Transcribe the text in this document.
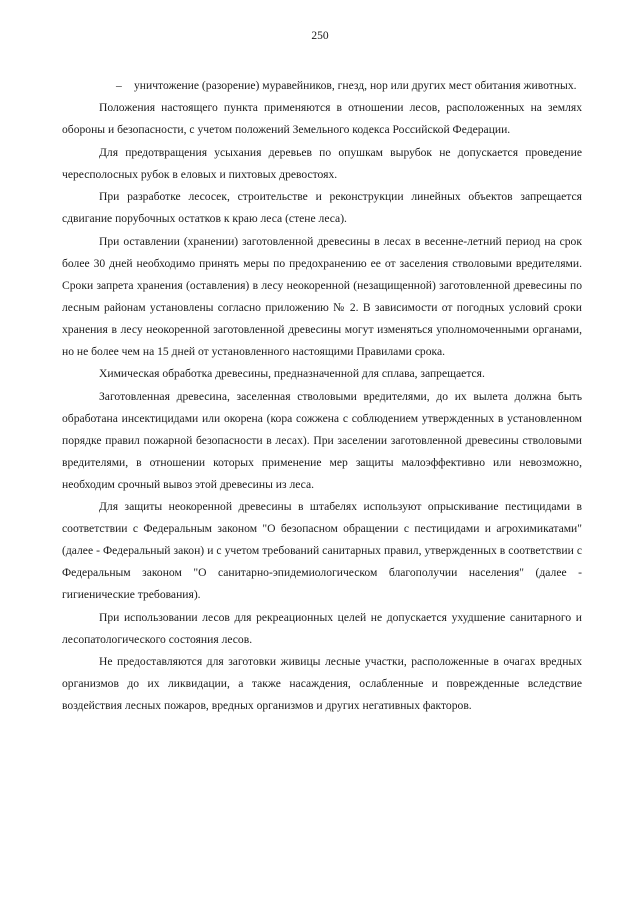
250
–	уничтожение (разорение) муравейников, гнезд, нор или других мест обитания животных.

Положения настоящего пункта применяются в отношении лесов, расположенных на землях обороны и безопасности, с учетом положений Земельного кодекса Российской Федерации.

Для предотвращения усыхания деревьев по опушкам вырубок не допускается проведение чересполосных рубок в еловых и пихтовых древостоях.

При разработке лесосек, строительстве и реконструкции линейных объектов запрещается сдвигание порубочных остатков к краю леса (стене леса).

При оставлении (хранении) заготовленной древесины в лесах в весенне-летний период на срок более 30 дней необходимо принять меры по предохранению ее от заселения стволовыми вредителями. Сроки запрета хранения (оставления) в лесу неокоренной (незащищенной) заготовленной древесины по лесным районам установлены согласно приложению № 2. В зависимости от погодных условий сроки хранения в лесу неокоренной заготовленной древесины могут изменяться уполномоченными органами, но не более чем на 15 дней от установленного настоящими Правилами срока.

Химическая обработка древесины, предназначенной для сплава, запрещается.

Заготовленная древесина, заселенная стволовыми вредителями, до их вылета должна быть обработана инсектицидами или окорена (кора сожжена с соблюдением утвержденных в установленном порядке правил пожарной безопасности в лесах). При заселении заготовленной древесины стволовыми вредителями, в отношении которых применение мер защиты малоэффективно или невозможно, необходим срочный вывоз этой древесины из леса.

Для защиты неокоренной древесины в штабелях используют опрыскивание пестицидами в соответствии с Федеральным законом "О безопасном обращении с пестицидами и агрохимикатами" (далее - Федеральный закон) и с учетом требований санитарных правил, утвержденных в соответствии с Федеральным законом "О санитарно-эпидемиологическом благополучии населения" (далее - гигиенические требования).

При использовании лесов для рекреационных целей не допускается ухудшение санитарного и лесопатологического состояния лесов.

Не предоставляются для заготовки живицы лесные участки, расположенные в очагах вредных организмов до их ликвидации, а также насаждения, ослабленные и поврежденные вследствие воздействия лесных пожаров, вредных организмов и других негативных факторов.
